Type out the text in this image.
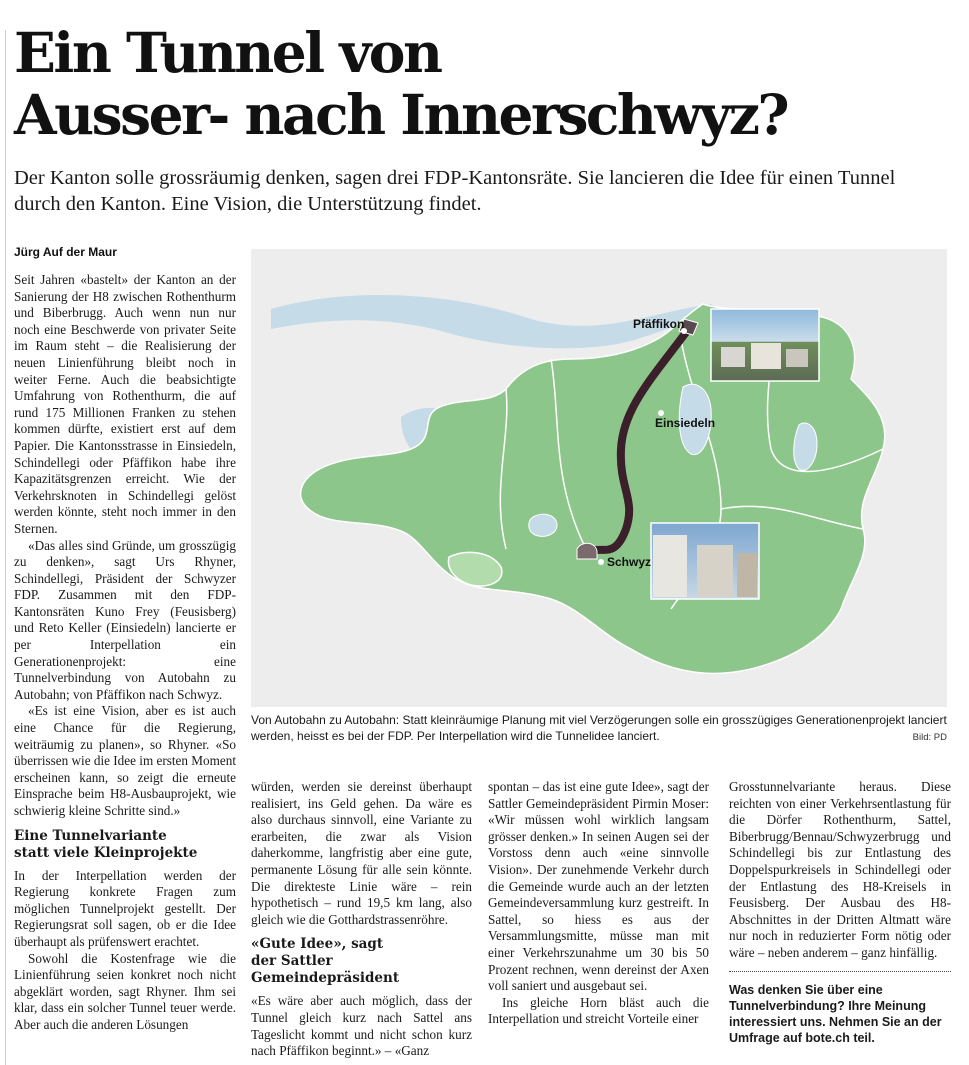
Ein Tunnel von
Ausser- nach Innerschwyz?

Der Kanton solle grossräumig denken, sagen drei FDP-Kantonsräte. Sie lancieren die Idee für einen Tunnel durch den Kanton. Eine Vision, die Unterstützung findet.

Jürg Auf der Maur

Seit Jahren «bastelt» der Kanton an der Sanierung der H8 zwischen Rothenthurm und Biberbrugg. Auch wenn nun nur noch eine Beschwerde von privater Seite im Raum steht – die Realisierung der neuen Linienführung bleibt noch in weiter Ferne. Auch die beabsichtigte Umfahrung von Rothenthurm, die auf rund 175 Millionen Franken zu stehen kommen dürfte, existiert erst auf dem Papier. Die Kantonsstrasse in Einsiedeln, Schindellegi oder Pfäffikon habe ihre Kapazitätsgrenzen erreicht. Wie der Verkehrsknoten in Schindellegi gelöst werden könnte, steht noch immer in den Sternen.

«Das alles sind Gründe, um grosszügig zu denken», sagt Urs Rhyner, Schindellegi, Präsident der Schwyzer FDP. Zusammen mit den FDP-Kantonsräten Kuno Frey (Feusisberg) und Reto Keller (Einsiedeln) lancierte er per Interpellation ein Generationenprojekt: eine Tunnelverbindung von Autobahn zu Autobahn; von Pfäffikon nach Schwyz.

«Es ist eine Vision, aber es ist auch eine Chance für die Regierung, weiträumig zu planen», so Rhyner. «So überrissen wie die Idee im ersten Moment erscheinen kann, so zeigt die erneute Einsprache beim H8-Ausbauprojekt, wie schwierig kleine Schritte sind.»

Eine Tunnelvariante
statt viele Kleinprojekte

In der Interpellation werden der Regierung konkrete Fragen zum möglichen Tunnelprojekt gestellt. Der Regierungsrat soll sagen, ob er die Idee überhaupt als prüfenswert erachtet.

Sowohl die Kostenfrage wie die Linienführung seien konkret noch nicht abgeklärt worden, sagt Rhyner. Ihm sei klar, dass ein solcher Tunnel teuer werde. Aber auch die anderen Lösungen

Pfäffikon
Einsiedeln
Schwyz
Von Autobahn zu Autobahn: Statt kleinräumige Planung mit viel Verzögerungen solle ein grosszügiges Generationenprojekt lanciert werden, heisst es bei der FDP. Per Interpellation wird die Tunnelidee lanciert.	Bild: PD

würden, werden sie dereinst überhaupt realisiert, ins Geld gehen. Da wäre es also durchaus sinnvoll, eine Variante zu erarbeiten, die zwar als Vision daherkomme, langfristig aber eine gute, permanente Lösung für alle sein könnte. Die direkteste Linie wäre – rein hypothetisch – rund 19,5 km lang, also gleich wie die Gotthardstrassenröhre.

«Gute Idee», sagt
der Sattler Gemeindepräsident

«Es wäre aber auch möglich, dass der Tunnel gleich kurz nach Sattel ans Tageslicht kommt und nicht schon kurz nach Pfäffikon beginnt.» – «Ganz

spontan – das ist eine gute Idee», sagt der Sattler Gemeindepräsident Pirmin Moser: «Wir müssen wohl wirklich langsam grösser denken.» In seinen Augen sei der Vorstoss denn auch «eine sinnvolle Vision». Der zunehmende Verkehr durch die Gemeinde wurde auch an der letzten Gemeindeversammlung kurz gestreift. In Sattel, so hiess es aus der Versammlungsmitte, müsse man mit einer Verkehrszunahme um 30 bis 50 Prozent rechnen, wenn dereinst der Axen voll saniert und ausgebaut sei.

Ins gleiche Horn bläst auch die Interpellation und streicht Vorteile einer

Grosstunnelvariante heraus. Diese reichten von einer Verkehrsentlastung für die Dörfer Rothenthurm, Sattel, Biberbrugg/Bennau/Schwyzerbrugg und Schindellegi bis zur Entlastung des Doppelspurkreisels in Schindellegi oder der Entlastung des H8-Kreisels in Feusisberg. Der Ausbau des H8-Abschnittes in der Dritten Altmatt wäre nur noch in reduzierter Form nötig oder wäre – neben anderem – ganz hinfällig.

Was denken Sie über eine Tunnelverbindung? Ihre Meinung interessiert uns. Nehmen Sie an der Umfrage auf bote.ch teil.
